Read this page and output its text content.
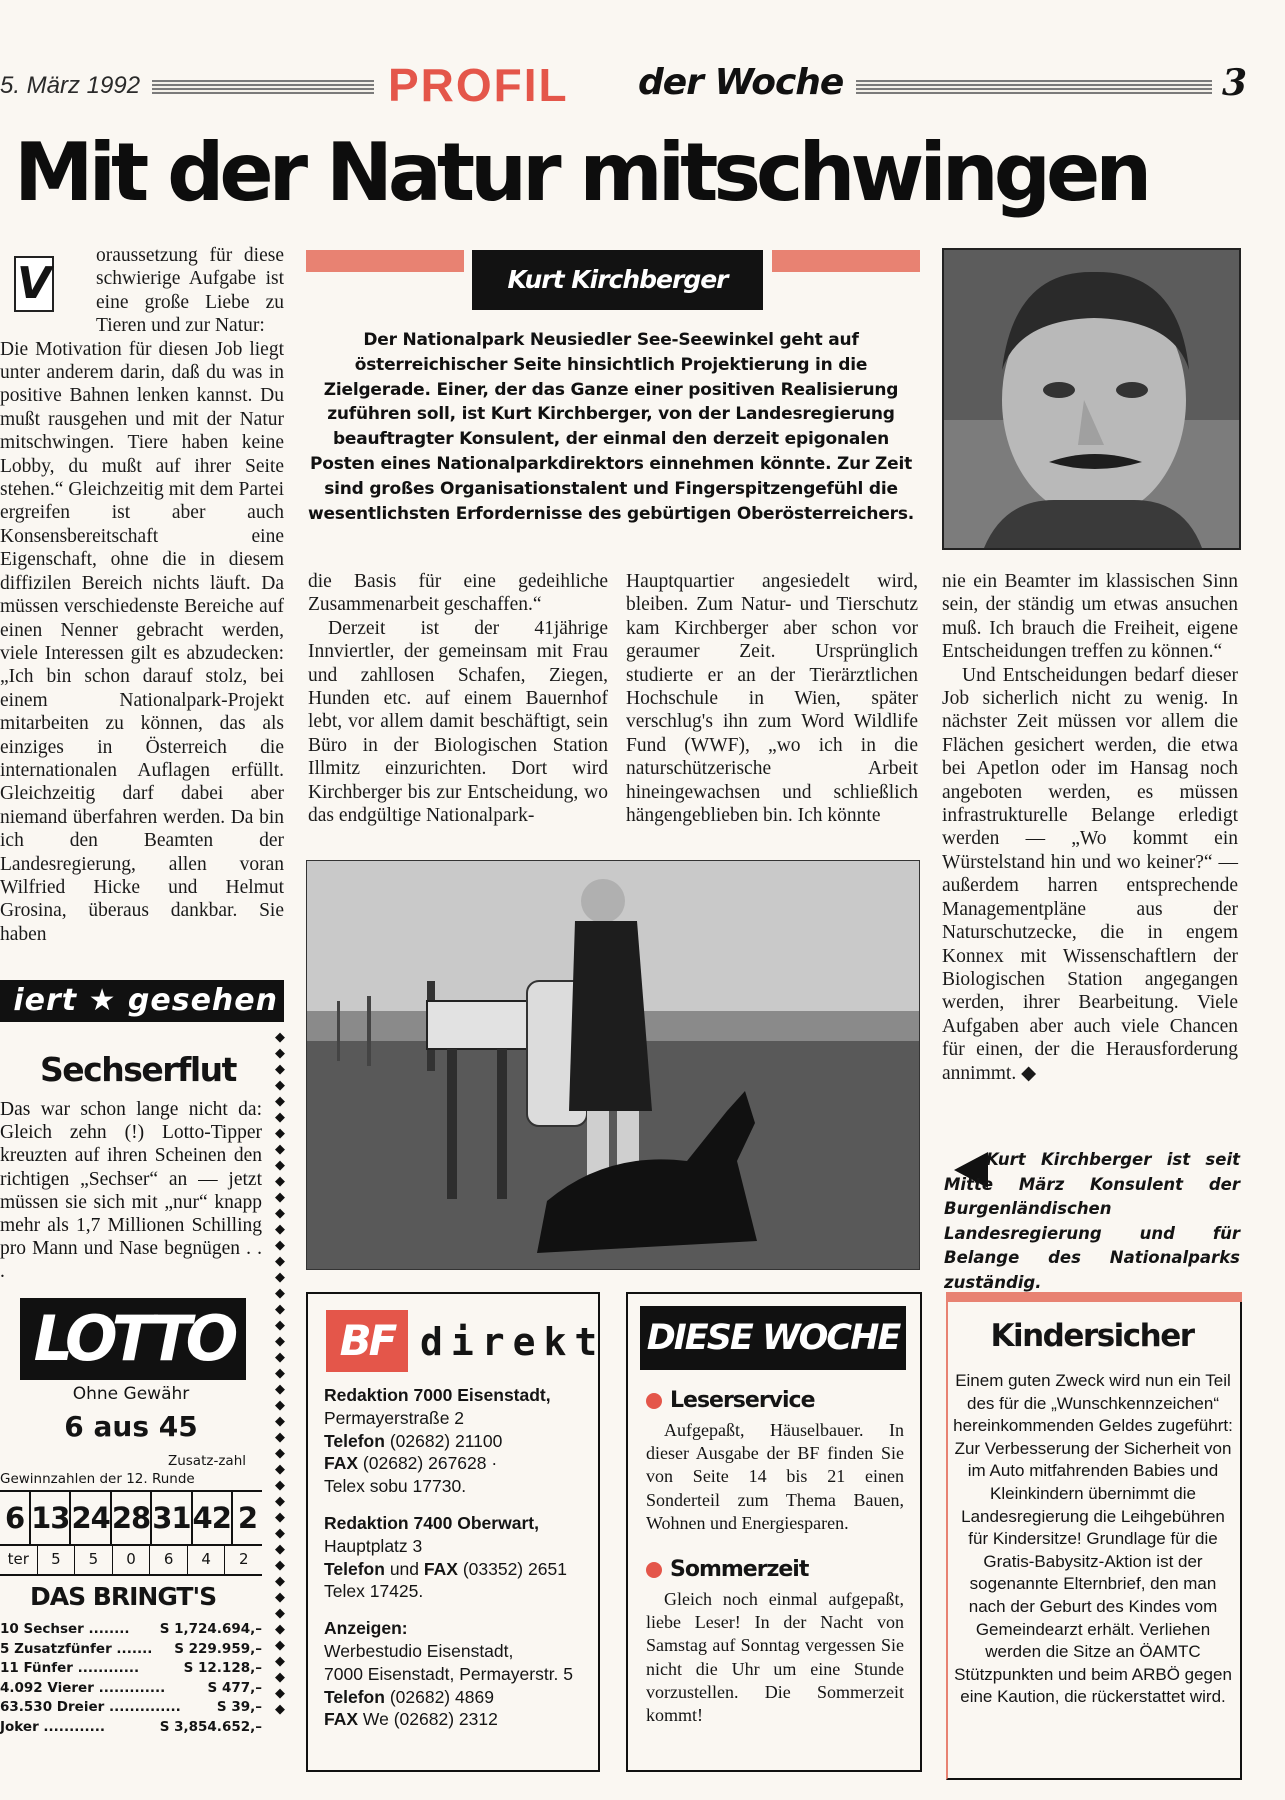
5. März 1992	PROFIL der Woche	3
Mit der Natur mitschwingen
V

oraussetzung für diese schwierige Aufgabe ist eine große Liebe zu Tieren und zur Natur:

Die Motivation für diesen Job liegt unter anderem darin, daß du was in positive Bahnen lenken kannst. Du mußt rausgehen und mit der Natur mitschwingen. Tiere haben keine Lobby, du mußt auf ihrer Seite stehen.“ Gleichzeitig mit dem Partei ergreifen ist aber auch Konsensbereitschaft eine Eigenschaft, ohne die in diesem diffizilen Bereich nichts läuft. Da müssen verschiedenste Bereiche auf einen Nenner gebracht werden, viele Interessen gilt es abzudecken: „Ich bin schon darauf stolz, bei einem Nationalpark-Projekt mitarbeiten zu können, das als einziges in Österreich die internationalen Auflagen erfüllt. Gleichzeitig darf dabei aber niemand überfahren werden. Da bin ich den Beamten der Landesregierung, allen voran Wilfried Hicke und Helmut Grosina, überaus dankbar. Sie haben

Kurt Kirchberger
Der Nationalpark Neusiedler See-Seewinkel geht auf österreichischer Seite hinsichtlich Projektierung in die Zielgerade. Einer, der das Ganze einer positiven Realisierung zuführen soll, ist Kurt Kirchberger, von der Landesregierung beauftragter Konsulent, der einmal den derzeit epigonalen Posten eines Nationalparkdirektors einnehmen könnte. Zur Zeit sind großes Organisationstalent und Fingerspitzengefühl die wesentlichsten Erfordernisse des gebürtigen Oberösterreichers.

die Basis für eine gedeihliche Zusammenarbeit geschaffen.“

Derzeit ist der 41jährige Innviertler, der gemeinsam mit Frau und zahllosen Schafen, Ziegen, Hunden etc. auf einem Bauernhof lebt, vor allem damit beschäftigt, sein Büro in der Biologischen Station Illmitz einzurichten. Dort wird Kirchberger bis zur Entscheidung, wo das endgültige Nationalpark-

Hauptquartier angesiedelt wird, bleiben. Zum Natur- und Tierschutz kam Kirchberger aber schon vor geraumer Zeit. Ursprünglich studierte er an der Tierärztlichen Hochschule in Wien, später verschlug's ihn zum Word Wildlife Fund (WWF), „wo ich in die naturschützerische Arbeit hineingewachsen und schließlich hängengeblieben bin. Ich könnte

nie ein Beamter im klassischen Sinn sein, der ständig um etwas ansuchen muß. Ich brauch die Freiheit, eigene Entscheidungen treffen zu können.“

Und Entscheidungen bedarf dieser Job sicherlich nicht zu wenig. In nächster Zeit müssen vor allem die Flächen gesichert werden, die etwa bei Apetlon oder im Hansag noch angeboten werden, es müssen infrastrukturelle Belange erledigt werden — „Wo kommt ein Würstelstand hin und wo keiner?“ — außerdem harren entsprechende Managementpläne aus der Naturschutzecke, die in engem Konnex mit Wissenschaftlern der Biologischen Station angegangen werden, ihrer Bearbeitung. Viele Aufgaben aber auch viele Chancen für einen, der die Herausforderung annimmt. ◆

Kurt Kirchberger ist seit Mitte März Konsulent der Burgenländischen Landesregierung und für Belange des Nationalparks zuständig.
iert ★ gesehen
Sechserflut
Das war schon lange nicht da: Gleich zehn (!) Lotto-Tipper kreuzten auf ihren Scheinen den richtigen „Sechser“ an — jetzt müssen sie sich mit „nur“ knapp mehr als 1,7 Millionen Schilling pro Mann und Nase begnügen . . .
◆◆◆◆◆◆◆◆◆◆◆◆◆◆◆◆◆◆◆◆◆◆◆◆◆◆◆◆◆◆◆◆◆◆◆◆◆◆◆◆◆◆◆
LOTTO
Ohne Gewähr
6 aus 45
Zusatz-zahl
Gewinnzahlen der 12. Runde
6 13 24 28 31 42 2
ter	5	5	0	6	4	2
DAS BRINGT'S
10 Sechser ........ S 1,724.694,–
5 Zusatzfünfer ....... S 229.959,–
11 Fünfer ............	S 12.128,–
4.092 Vierer .............	S 477,–
63.530 Dreier ..............	S 39,–
Joker ............	S 3,854.652,–
BF direkt
Redaktion 7000 Eisenstadt,
Permayerstraße 2
Telefon (02682) 21100
FAX (02682) 267628 ·
Telex sobu 17730.
Redaktion 7400 Oberwart,
Hauptplatz 3
Telefon und FAX (03352) 2651
Telex 17425.
Anzeigen:
Werbestudio Eisenstadt,
7000 Eisenstadt, Permayerstr. 5
Telefon (02682) 4869
FAX We (02682) 2312
DIESE WOCHE
Leserservice
Aufgepaßt, Häuselbauer. In dieser Ausgabe der BF finden Sie von Seite 14 bis 21 einen Sonderteil zum Thema Bauen, Wohnen und Energiesparen.
Sommerzeit
Gleich noch einmal aufgepaßt, liebe Leser! In der Nacht von Samstag auf Sonntag vergessen Sie nicht die Uhr um eine Stunde vorzustellen. Die Sommerzeit kommt!
Kindersicher
Einem guten Zweck wird nun ein Teil des für die „Wunschkennzeichen“ hereinkommenden Geldes zugeführt: Zur Verbesserung der Sicherheit von im Auto mitfahrenden Babies und Kleinkindern übernimmt die Landesregierung die Leihgebühren für Kindersitze! Grundlage für die Gratis-Babysitz-Aktion ist der sogenannte Elternbrief, den man nach der Geburt des Kindes vom Gemeindearzt erhält. Verliehen werden die Sitze an ÖAMTC Stützpunkten und beim ARBÖ gegen eine Kaution, die rückerstattet wird.
